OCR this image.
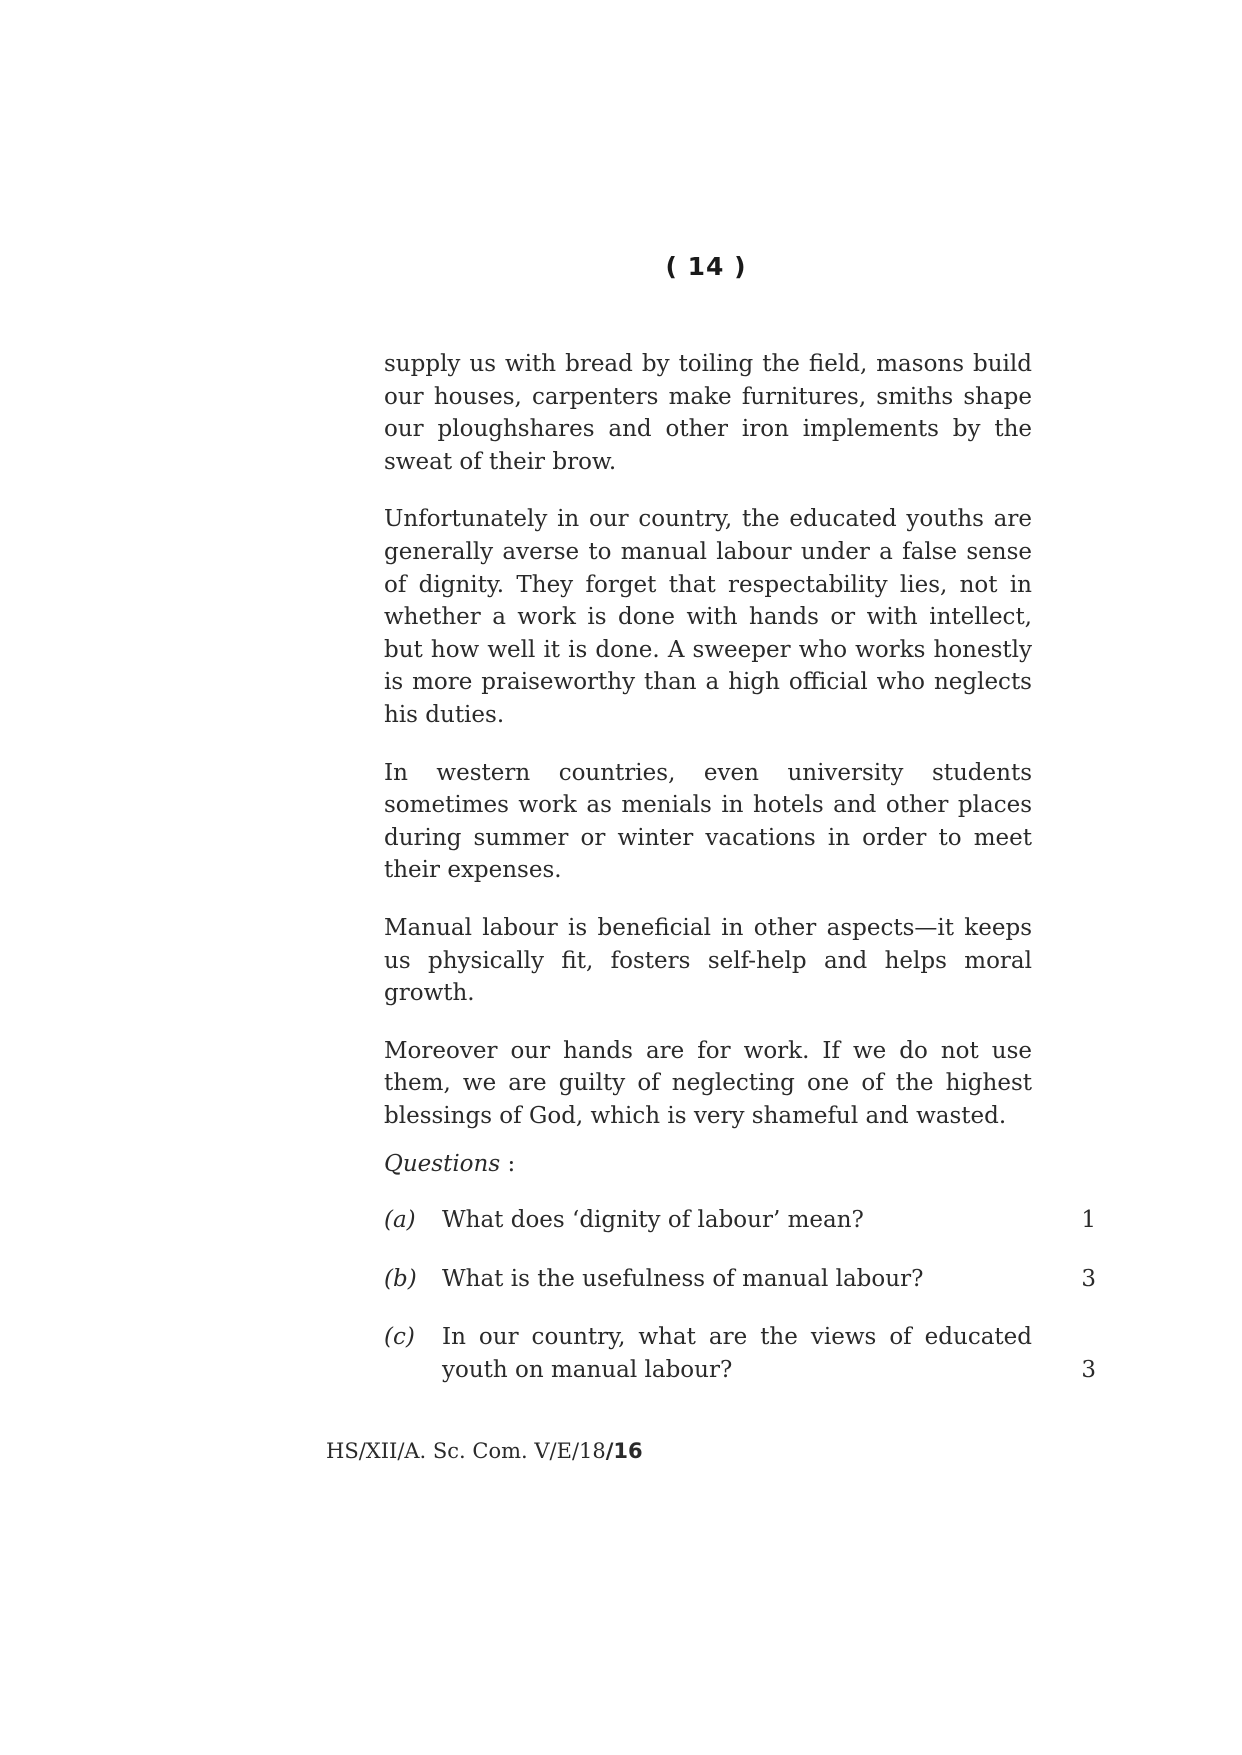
( 14 )

supply us with bread by toiling the field, masons build our houses, carpenters make furnitures, smiths shape our ploughshares and other iron implements by the sweat of their brow.

Unfortunately in our country, the educated youths are generally averse to manual labour under a false sense of dignity. They forget that respectability lies, not in whether a work is done with hands or with intellect, but how well it is done. A sweeper who works honestly is more praiseworthy than a high official who neglects his duties.

In western countries, even university students sometimes work as menials in hotels and other places during summer or winter vacations in order to meet their expenses.

Manual labour is beneficial in other aspects—it keeps us physically fit, fosters self-help and helps moral growth.

Moreover our hands are for work. If we do not use them, we are guilty of neglecting one of the highest blessings of God, which is very shameful and wasted.

Questions :

(a) What does ‘dignity of labour’ mean?	1
(b) What is the usefulness of manual labour?	3
(c) In our country, what are the views of educated youth on manual labour?	3
HS/XII/A. Sc. Com. V/E/18/16
